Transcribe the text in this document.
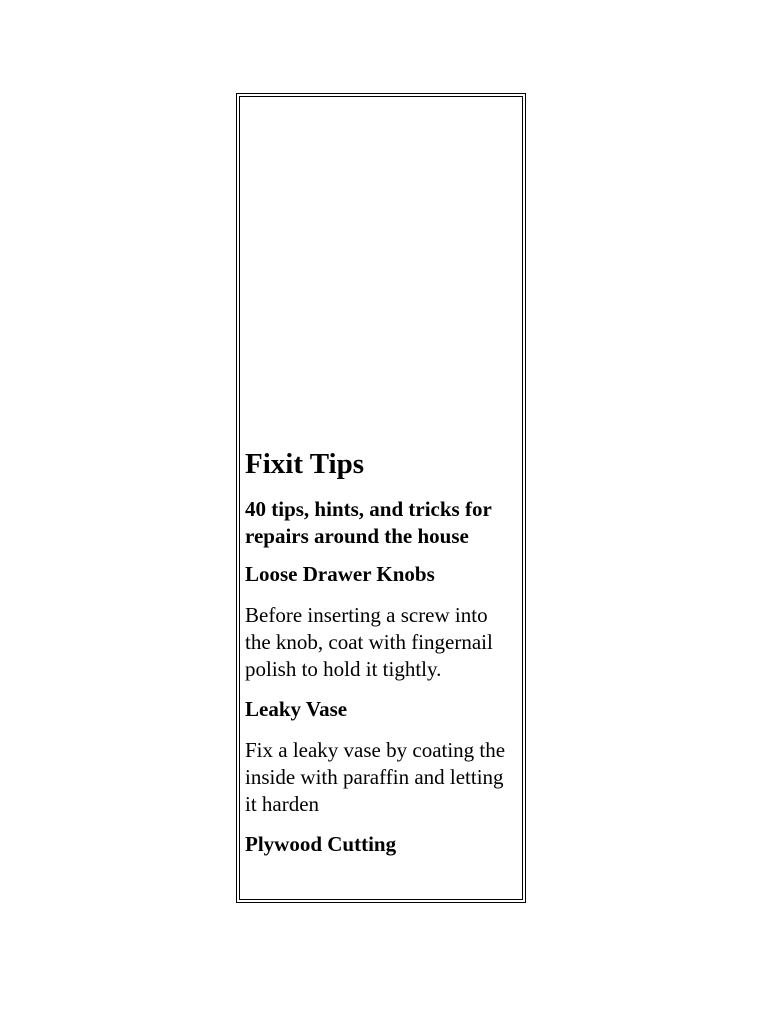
Fixit Tips
40 tips, hints, and tricks for repairs around the house
Loose Drawer Knobs

Before inserting a screw into the knob, coat with fingernail polish to hold it tightly.

Leaky Vase

Fix a leaky vase by coating the inside with paraffin and letting it harden

Plywood Cutting
